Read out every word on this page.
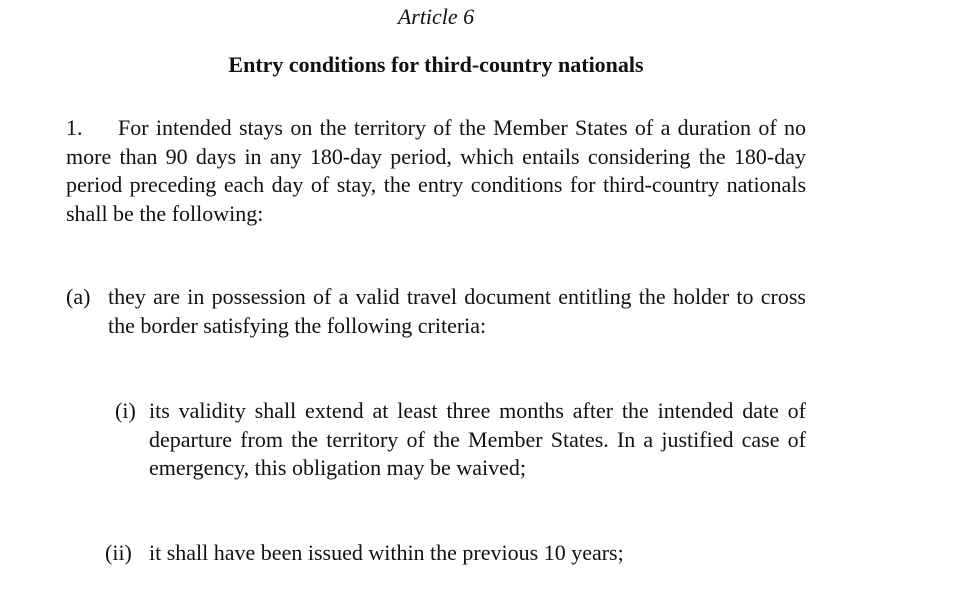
Article 6
Entry conditions for third-country nationals
1. For intended stays on the territory of the Member States of a duration of no more than 90 days in any 180-day period, which entails considering the 180-day period preceding each day of stay, the entry conditions for third-country nationals shall be the following:
(a) they are in possession of a valid travel document entitling the holder to cross the border satisfying the following criteria:
(i) its validity shall extend at least three months after the intended date of departure from the territory of the Member States. In a justified case of emergency, this obligation may be waived;
(ii) it shall have been issued within the previous 10 years;
